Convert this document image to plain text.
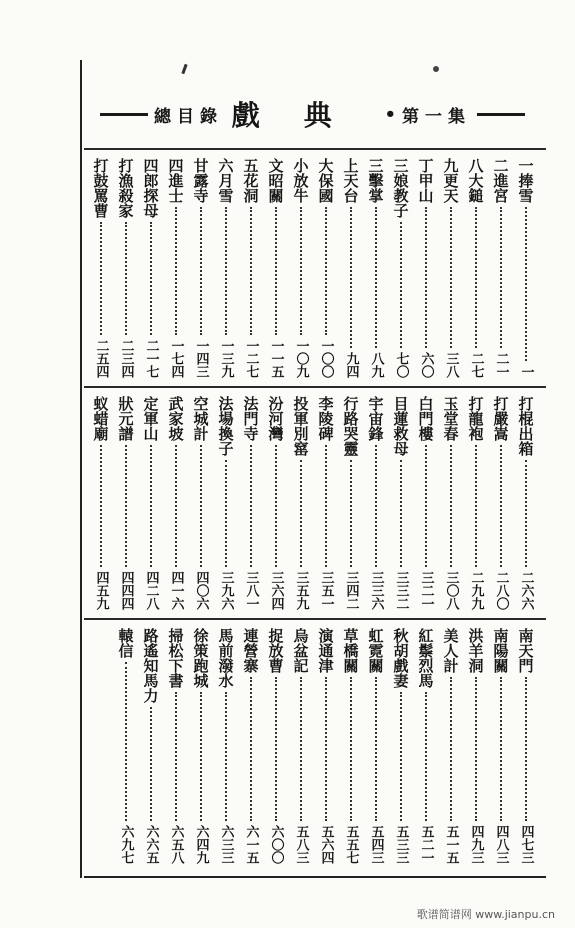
總目錄 戲典 • 第一集
一捧雪
一
二進宮
二一
八大鎚
二七
九更天
三八
丁甲山
六〇
三娘教子
七〇
三擊掌
八九
上天台
九四
大保國
一〇〇
小放牛
一〇九
文昭關
一一五
五花洞
一二七
六月雪
一三九
甘露寺
一四三
四進士
一七四
四郎探母
二一七
打漁殺家
二三四
打鼓罵曹
二五四
打棍出箱
二六六
打嚴嵩
二八〇
打龍袍
二九九
玉堂春
三〇八
白門樓
三二一
目蓮救母
三三二
宇宙鋒
三三六
行路哭靈
三四二
李陵碑
三五一
投軍別窰
三五九
汾河灣
三六四
法門寺
三八一
法場換子
三九六
空城計
四〇六
武家坡
四一六
定軍山
四二八
狀元譜
四四四
蚁蜡廟
四五九
南天門
四七三
南陽關
四八三
洪羊洞
四九三
美人計
五一五
紅鬃烈馬
五二一
秋胡戲妻
五三三
虹霓關
五四三
草橋關
五五七
演通津
五六四
烏盆記
五八三
捉放曹
六〇〇
連營寨
六一五
馬前潑水
六三三
徐策跑城
六四九
掃松下書
六五八
路遙知馬力
六六五
轅信
六九七
歌谱简谱网 www.jianpu.cn
